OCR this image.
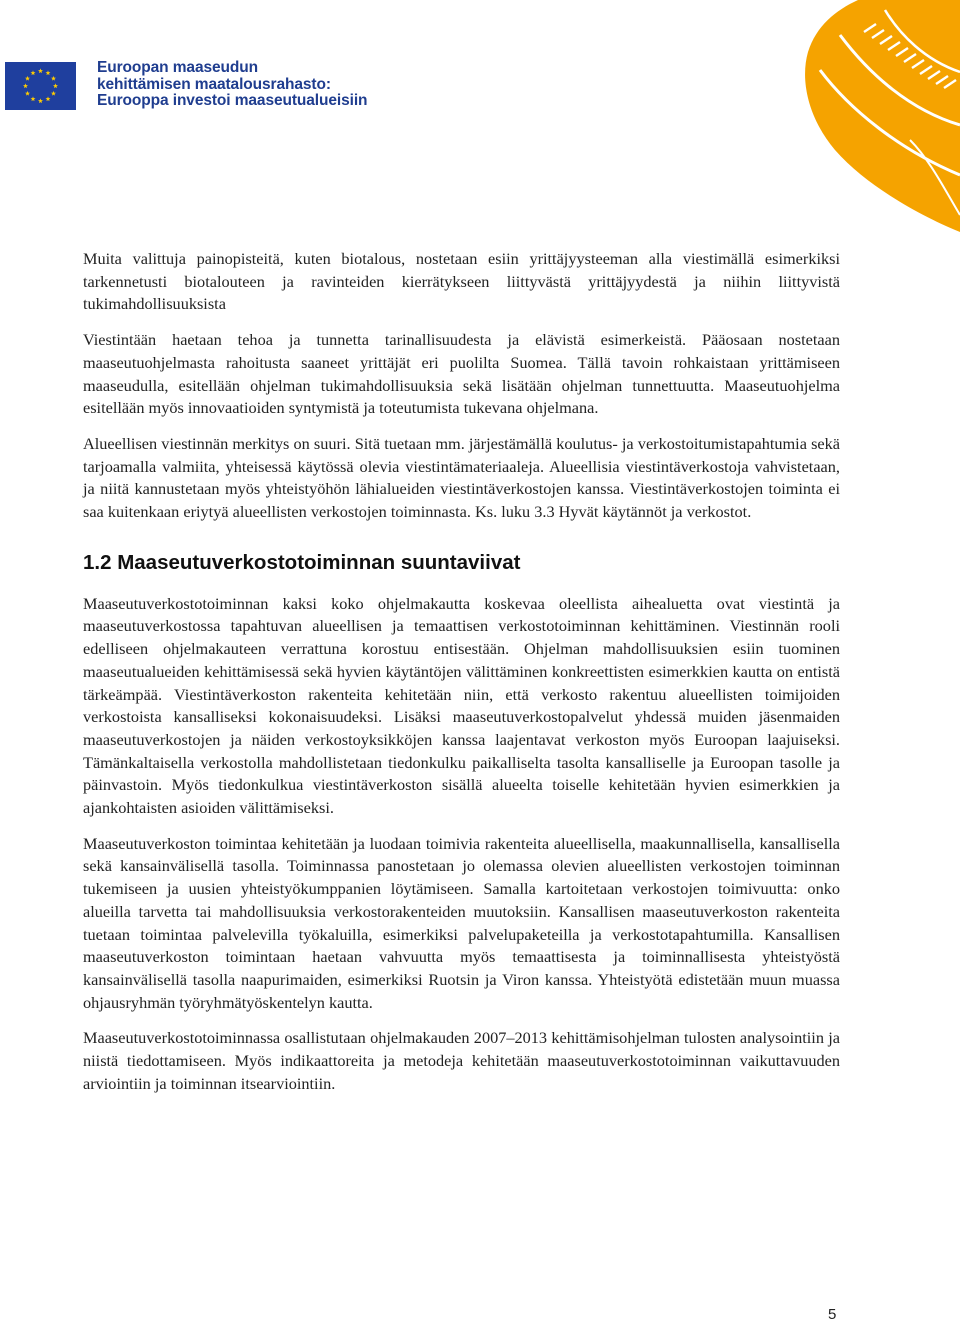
Euroopan maaseudun
kehittämisen maatalousrahasto:
Eurooppa investoi maaseutualueisiin

Muita valittuja painopisteitä, kuten biotalous, nostetaan esiin yrittäjyysteeman alla viestimällä esimerkiksi tarkennetusti biotalouteen ja ravinteiden kierrätykseen liittyvästä yrittäjyydestä ja niihin liittyvistä tukimahdollisuuksista

Viestintään haetaan tehoa ja tunnetta tarinallisuudesta ja elävistä esimerkeistä. Pääosaan nostetaan maaseutuohjelmasta rahoitusta saaneet yrittäjät eri puolilta Suomea. Tällä tavoin rohkaistaan yrittämiseen maaseudulla, esitellään ohjelman tukimahdollisuuksia sekä lisätään ohjelman tunnettuutta. Maaseutuohjelma esitellään myös innovaatioiden syntymistä ja toteutumista tukevana ohjelmana.

Alueellisen viestinnän merkitys on suuri. Sitä tuetaan mm. järjestämällä koulutus- ja verkostoitumistapahtumia sekä tarjoamalla valmiita, yhteisessä käytössä olevia viestintämateriaaleja. Alueellisia viestintäverkostoja vahvistetaan, ja niitä kannustetaan myös yhteistyöhön lähialueiden viestintäverkostojen kanssa. Viestintäverkostojen toiminta ei saa kuitenkaan eriytyä alueellisten verkostojen toiminnasta. Ks. luku 3.3 Hyvät käytännöt ja verkostot.

1.2 Maaseutuverkostotoiminnan suuntaviivat

Maaseutuverkostotoiminnan kaksi koko ohjelmakautta koskevaa oleellista aihealuetta ovat viestintä ja maaseutuverkostossa tapahtuvan alueellisen ja temaattisen verkostotoiminnan kehittäminen. Viestinnän rooli edelliseen ohjelmakauteen verrattuna korostuu entisestään. Ohjelman mahdollisuuksien esiin tuominen maaseutualueiden kehittämisessä sekä hyvien käytäntöjen välittäminen konkreettisten esimerkkien kautta on entistä tärkeämpää. Viestintäverkoston rakenteita kehitetään niin, että verkosto rakentuu alueellisten toimijoiden verkostoista kansalliseksi kokonaisuudeksi. Lisäksi maaseutuverkostopalvelut yhdessä muiden jäsenmaiden maaseutuverkostojen ja näiden verkostoyksikköjen kanssa laajentavat verkoston myös Euroopan laajuiseksi. Tämänkaltaisella verkostolla mahdollistetaan tiedonkulku paikalliselta tasolta kansalliselle ja Euroopan tasolle ja päinvastoin. Myös tiedonkulkua viestintäverkoston sisällä alueelta toiselle kehitetään hyvien esimerkkien ja ajankohtaisten asioiden välittämiseksi.

Maaseutuverkoston toimintaa kehitetään ja luodaan toimivia rakenteita alueellisella, maakunnallisella, kansallisella sekä kansainvälisellä tasolla. Toiminnassa panostetaan jo olemassa olevien alueellisten verkostojen toiminnan tukemiseen ja uusien yhteistyökumppanien löytämiseen. Samalla kartoitetaan verkostojen toimivuutta: onko alueilla tarvetta tai mahdollisuuksia verkostorakenteiden muutoksiin. Kansallisen maaseutuverkoston rakenteita tuetaan toimintaa palvelevilla työkaluilla, esimerkiksi palvelupaketeilla ja verkostotapahtumilla. Kansallisen maaseutuverkoston toimintaan haetaan vahvuutta myös temaattisesta ja toiminnallisesta yhteistyöstä kansainvälisellä tasolla naapurimaiden, esimerkiksi Ruotsin ja Viron kanssa. Yhteistyötä edistetään muun muassa ohjausryhmän työryhmätyöskentelyn kautta.

Maaseutuverkostotoiminnassa osallistutaan ohjelmakauden 2007–2013 kehittämisohjelman tulosten analysointiin ja niistä tiedottamiseen. Myös indikaattoreita ja metodeja kehitetään maaseutuverkostotoiminnan vaikuttavuuden arviointiin ja toiminnan itsearviointiin.

5
